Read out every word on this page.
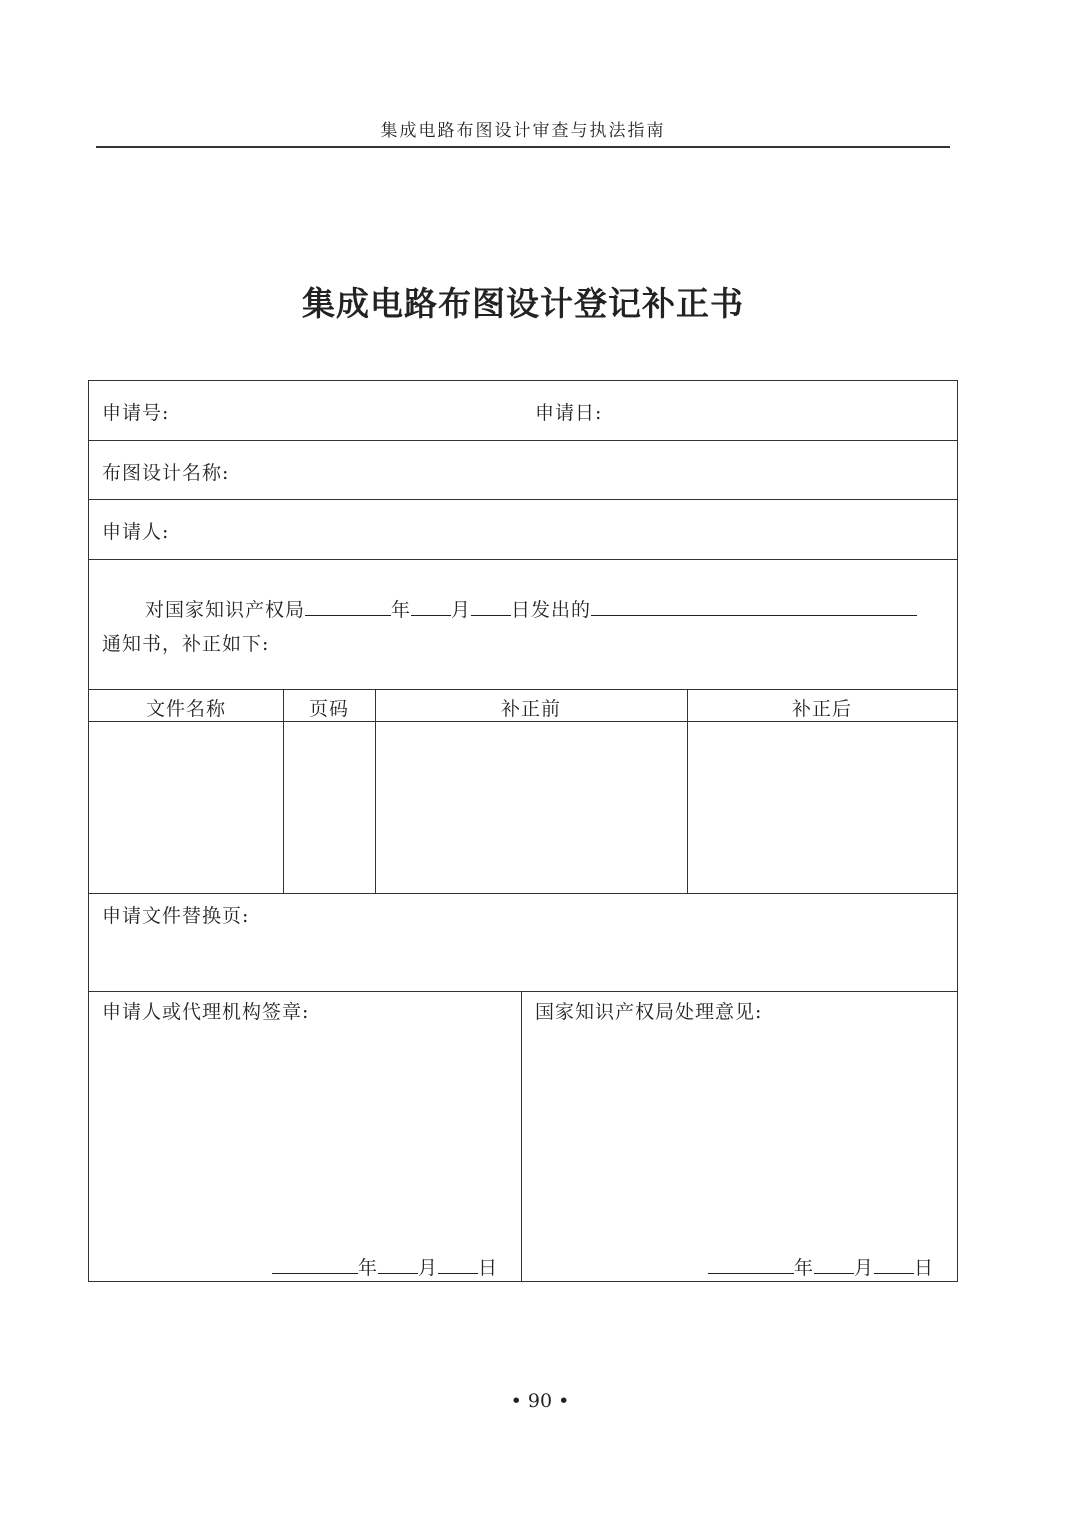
集成电路布图设计审查与执法指南
集成电路布图设计登记补正书
申请号:	申请日:
布图设计名称:
申请人:
对国家知识产权局	年 月 日发出的
通知书，补正如下:
文件名称	页码	补正前	补正后
申请文件替换页:
申请人或代理机构签章:	国家知识产权局处理意见:
年 月 日	年 月 日
• 90 •
